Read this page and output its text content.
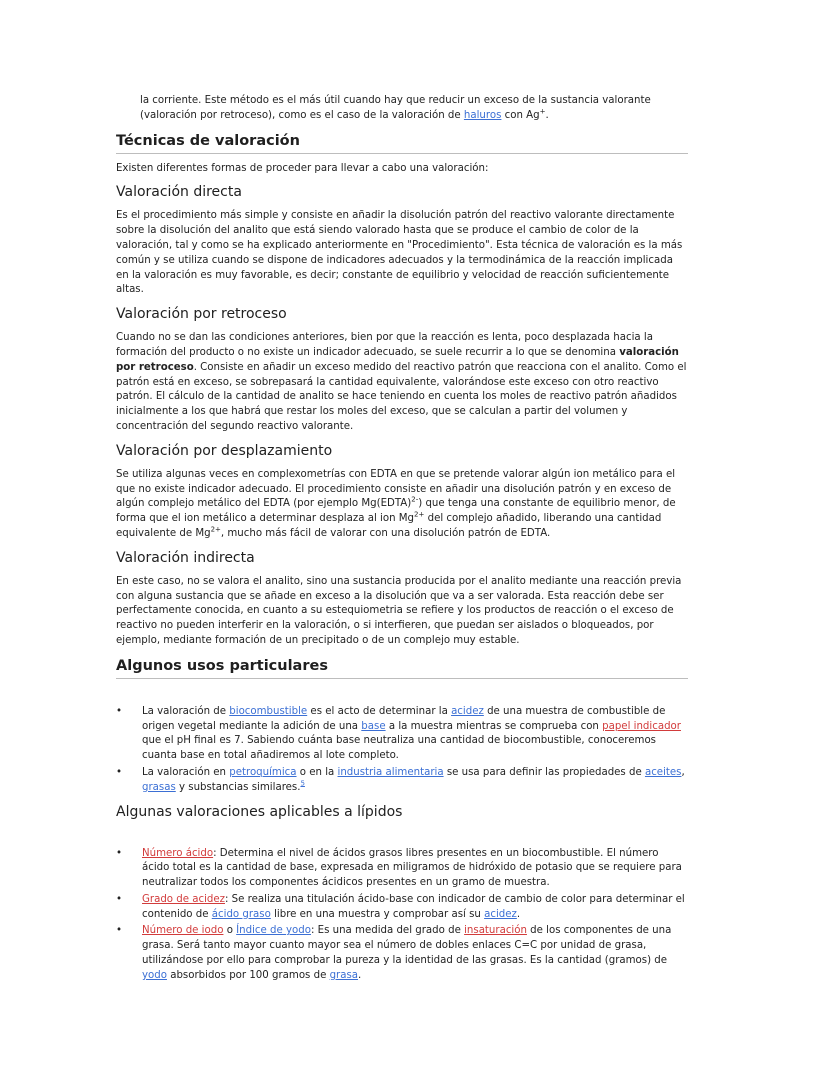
la corriente. Este método es el más útil cuando hay que reducir un exceso de la sustancia valorante (valoración por retroceso), como es el caso de la valoración de haluros con Ag+.

Técnicas de valoración

Existen diferentes formas de proceder para llevar a cabo una valoración:

Valoración directa

Es el procedimiento más simple y consiste en añadir la disolución patrón del reactivo valorante directamente sobre la disolución del analito que está siendo valorado hasta que se produce el cambio de color de la valoración, tal y como se ha explicado anteriormente en "Procedimiento". Esta técnica de valoración es la más común y se utiliza cuando se dispone de indicadores adecuados y la termodinámica de la reacción implicada en la valoración es muy favorable, es decir; constante de equilibrio y velocidad de reacción suficientemente altas.

Valoración por retroceso

Cuando no se dan las condiciones anteriores, bien por que la reacción es lenta, poco desplazada hacia la formación del producto o no existe un indicador adecuado, se suele recurrir a lo que se denomina valoración por retroceso. Consiste en añadir un exceso medido del reactivo patrón que reacciona con el analito. Como el patrón está en exceso, se sobrepasará la cantidad equivalente, valorándose este exceso con otro reactivo patrón. El cálculo de la cantidad de analito se hace teniendo en cuenta los moles de reactivo patrón añadidos inicialmente a los que habrá que restar los moles del exceso, que se calculan a partir del volumen y concentración del segundo reactivo valorante.

Valoración por desplazamiento

Se utiliza algunas veces en complexometrías con EDTA en que se pretende valorar algún ion metálico para el que no existe indicador adecuado. El procedimiento consiste en añadir una disolución patrón y en exceso de algún complejo metálico del EDTA (por ejemplo Mg(EDTA)$^{2-}$) que tenga una constante de equilibrio menor, de forma que el ion metálico a determinar desplaza al ion $Mg^{2+}$ del complejo añadido, liberando una cantidad equivalente de $Mg^{2+}$, mucho más fácil de valorar con una disolución patrón de EDTA.

Valoración indirecta

En este caso, no se valora el analito, sino una sustancia producida por el analito mediante una reacción previa con alguna sustancia que se añade en exceso a la disolución que va a ser valorada. Esta reacción debe ser perfectamente conocida, en cuanto a su estequiometria se refiere y los productos de reacción o el exceso de reactivo no pueden interferir en la valoración, o si interfieren, que puedan ser aislados o bloqueados, por ejemplo, mediante formación de un precipitado o de un complejo muy estable.

Algunos usos particulares
• La valoración de biocombustible es el acto de determinar la acidez de una muestra de combustible de origen vegetal mediante la adición de una base a la muestra mientras se comprueba con papel indicador que el pH final es 7. Sabiendo cuánta base neutraliza una cantidad de biocombustible, conoceremos cuanta base en total añadiremos al lote completo.
• La valoración en petroquímica o en la industria alimentaria se usa para definir las propiedades de aceites, grasas y substancias similares.$^5$
Algunas valoraciones aplicables a lípidos
• Número ácido: Determina el nivel de ácidos grasos libres presentes en un biocombustible. El número ácido total es la cantidad de base, expresada en miligramos de hidróxido de potasio que se requiere para neutralizar todos los componentes ácidicos presentes en un gramo de muestra.
• Grado de acidez: Se realiza una titulación ácido-base con indicador de cambio de color para determinar el contenido de ácido graso libre en una muestra y comprobar así su acidez.
• Número de iodo o Índice de yodo: Es una medida del grado de insaturación de los componentes de una grasa. Será tanto mayor cuanto mayor sea el número de dobles enlaces C=C por unidad de grasa, utilizándose por ello para comprobar la pureza y la identidad de las grasas. Es la cantidad (gramos) de yodo absorbidos por 100 gramos de grasa.
